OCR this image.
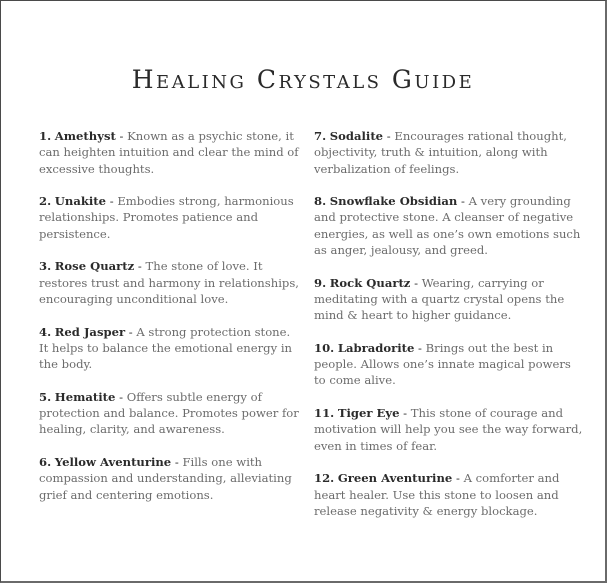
Healing Crystals Guide

1. Amethyst - Known as a psychic stone, it can heighten intuition and clear the mind of excessive thoughts.

2. Unakite - Embodies strong, harmonious relationships. Promotes patience and persistence.

3. Rose Quartz - The stone of love. It restores trust and harmony in relationships, encouraging unconditional love.

4. Red Jasper - A strong protection stone. It helps to balance the emotional energy in the body.

5. Hematite - Offers subtle energy of protection and balance. Promotes power for healing, clarity, and awareness.

6. Yellow Aventurine - Fills one with compassion and understanding, alleviating grief and centering emotions.

7. Sodalite - Encourages rational thought, objectivity, truth & intuition, along with verbalization of feelings.

8. Snowflake Obsidian - A very grounding and protective stone. A cleanser of negative energies, as well as one’s own emotions such as anger, jealousy, and greed.

9. Rock Quartz - Wearing, carrying or meditating with a quartz crystal opens the mind & heart to higher guidance.

10. Labradorite - Brings out the best in people. Allows one’s innate magical powers to come alive.

11. Tiger Eye - This stone of courage and motivation will help you see the way forward, even in times of fear.

12. Green Aventurine - A comforter and heart healer. Use this stone to loosen and release negativity & energy blockage.
